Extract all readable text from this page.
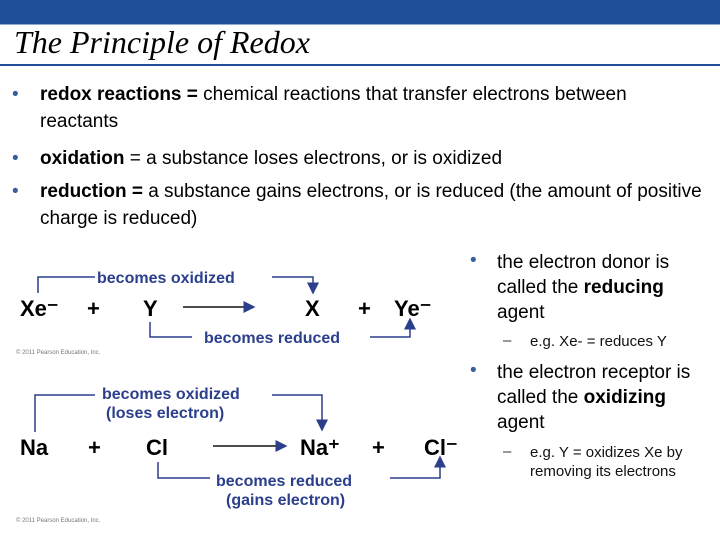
The Principle of Redox
• redox reactions = chemical reactions that transfer electrons between reactants
• oxidation = a substance loses electrons, or is oxidized
• reduction = a substance gains electrons, or is reduced (the amount of positive charge is reduced)
becomes oxidized
becomes reduced
Xe⁻ + Y	X + Ye⁻
© 2011 Pearson Education, Inc.
becomes oxidized
(loses electron)
becomes reduced
(gains electron)
Na + Cl	Na⁺ + Cl⁻
© 2011 Pearson Education, Inc.
• the electron donor is called the reducing agent
– e.g. Xe- = reduces Y
• the electron receptor is called the oxidizing agent
– e.g. Y = oxidizes Xe by removing its electrons
